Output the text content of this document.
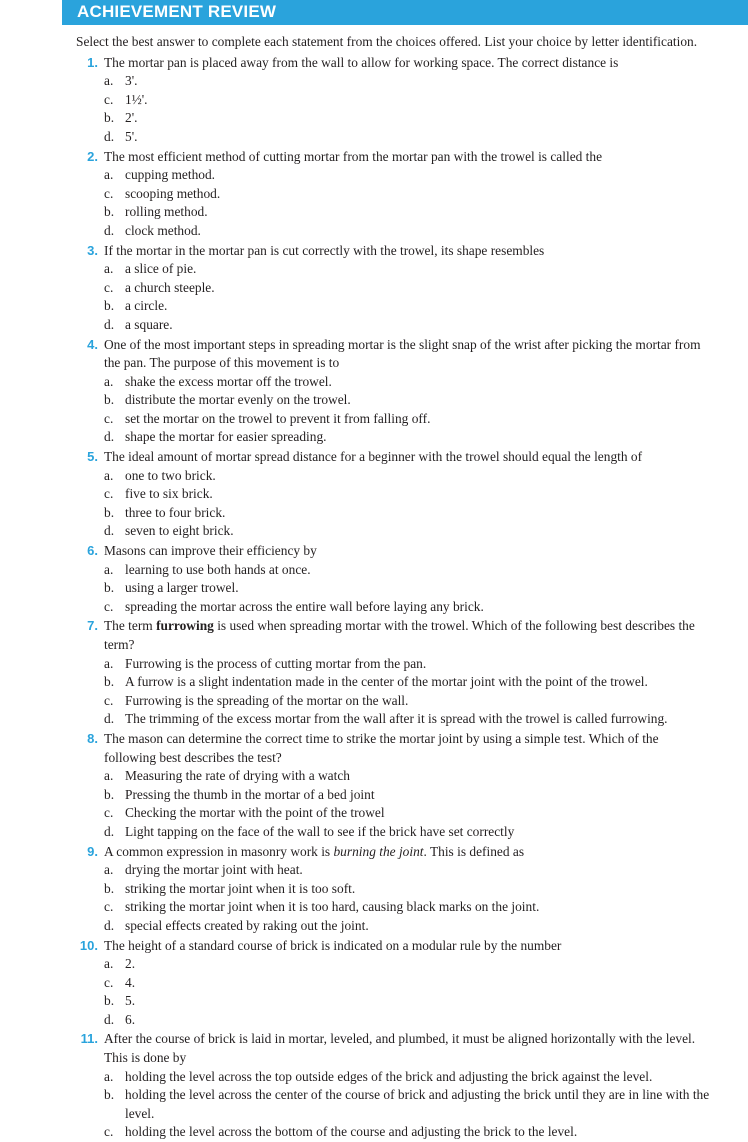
ACHIEVEMENT REVIEW

Select the best answer to complete each statement from the choices offered. List your choice by letter identification.

1. The mortar pan is placed away from the wall to allow for working space. The correct distance is
a. 3'.
c. 1½'.
b. 2'.
d. 5'.
2. The most efficient method of cutting mortar from the mortar pan with the trowel is called the
a. cupping method.
c. scooping method.
b. rolling method.
d. clock method.
3. If the mortar in the mortar pan is cut correctly with the trowel, its shape resembles
a. a slice of pie.
c. a church steeple.
b. a circle.
d. a square.
4. One of the most important steps in spreading mortar is the slight snap of the wrist after picking the mortar from the pan. The purpose of this movement is to
a. shake the excess mortar off the trowel.
b. distribute the mortar evenly on the trowel.
c. set the mortar on the trowel to prevent it from falling off.
d. shape the mortar for easier spreading.
5. The ideal amount of mortar spread distance for a beginner with the trowel should equal the length of
a. one to two brick.
c. five to six brick.
b. three to four brick.
d. seven to eight brick.
6. Masons can improve their efficiency by
a. learning to use both hands at once.
b. using a larger trowel.
c. spreading the mortar across the entire wall before laying any brick.
7. The term furrowing is used when spreading mortar with the trowel. Which of the following best describes the term?
a. Furrowing is the process of cutting mortar from the pan.
b. A furrow is a slight indentation made in the center of the mortar joint with the point of the trowel.
c. Furrowing is the spreading of the mortar on the wall.
d. The trimming of the excess mortar from the wall after it is spread with the trowel is called furrowing.
8. The mason can determine the correct time to strike the mortar joint by using a simple test. Which of the following best describes the test?
a. Measuring the rate of drying with a watch
b. Pressing the thumb in the mortar of a bed joint
c. Checking the mortar with the point of the trowel
d. Light tapping on the face of the wall to see if the brick have set correctly
9. A common expression in masonry work is burning the joint. This is defined as
a. drying the mortar joint with heat.
b. striking the mortar joint when it is too soft.
c. striking the mortar joint when it is too hard, causing black marks on the joint.
d. special effects created by raking out the joint.
10. The height of a standard course of brick is indicated on a modular rule by the number
a. 2.
c. 4.
b. 5.
d. 6.
11. After the course of brick is laid in mortar, leveled, and plumbed, it must be aligned horizontally with the level. This is done by
a. holding the level across the top outside edges of the brick and adjusting the brick against the level.
b. holding the level across the center of the course of brick and adjusting the brick until they are in line with the level.
c. holding the level across the bottom of the course and adjusting the brick to the level.
